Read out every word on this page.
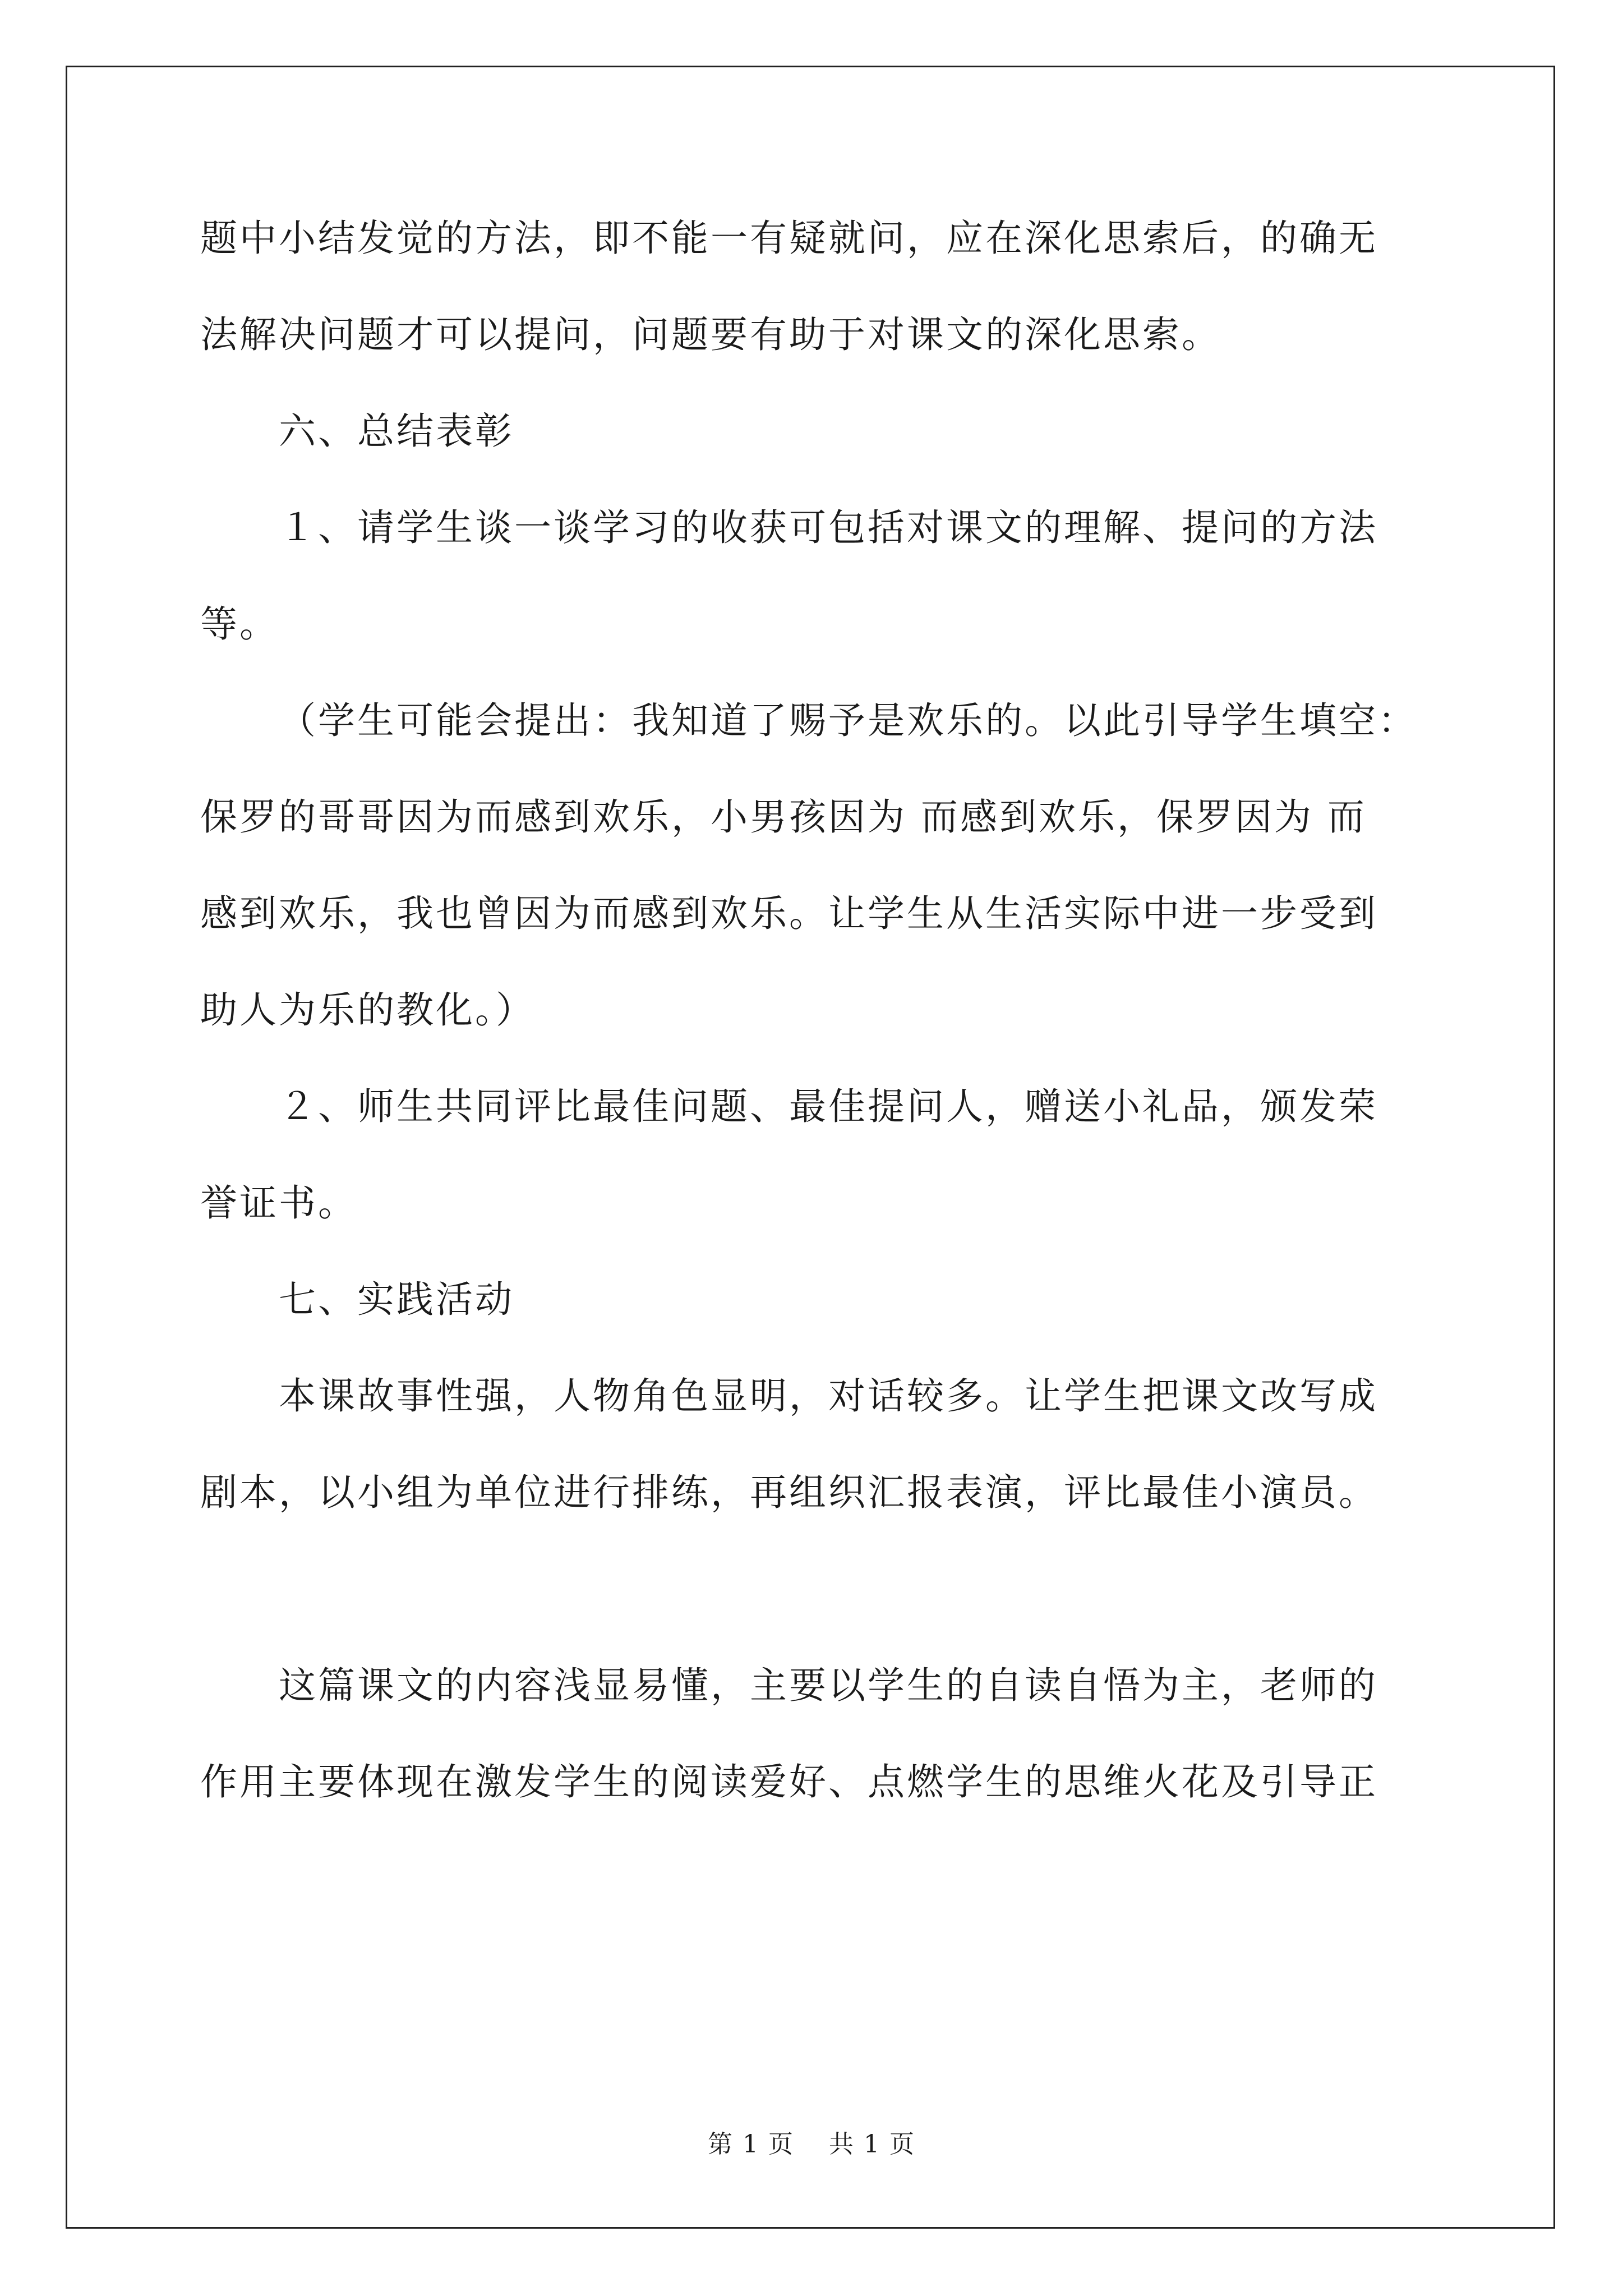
题中小结发觉的方法，即不能一有疑就问，应在深化思索后，的确无
法解决问题才可以提问，问题要有助于对课文的深化思索。
六、总结表彰
１、请学生谈一谈学习的收获可包括对课文的理解、提问的方法
等。
（学生可能会提出：我知道了赐予是欢乐的。以此引导学生填空：
保罗的哥哥因为而感到欢乐，小男孩因为 而感到欢乐，保罗因为 而
感到欢乐，我也曾因为而感到欢乐。让学生从生活实际中进一步受到
助人为乐的教化。）
２、师生共同评比最佳问题、最佳提问人，赠送小礼品，颁发荣
誉证书。
七、实践活动
本课故事性强，人物角色显明，对话较多。让学生把课文改写成
剧本，以小组为单位进行排练，再组织汇报表演，评比最佳小演员。
这篇课文的内容浅显易懂，主要以学生的自读自悟为主，老师的
作用主要体现在激发学生的阅读爱好、点燃学生的思维火花及引导正
第 1 页　 共 1 页
